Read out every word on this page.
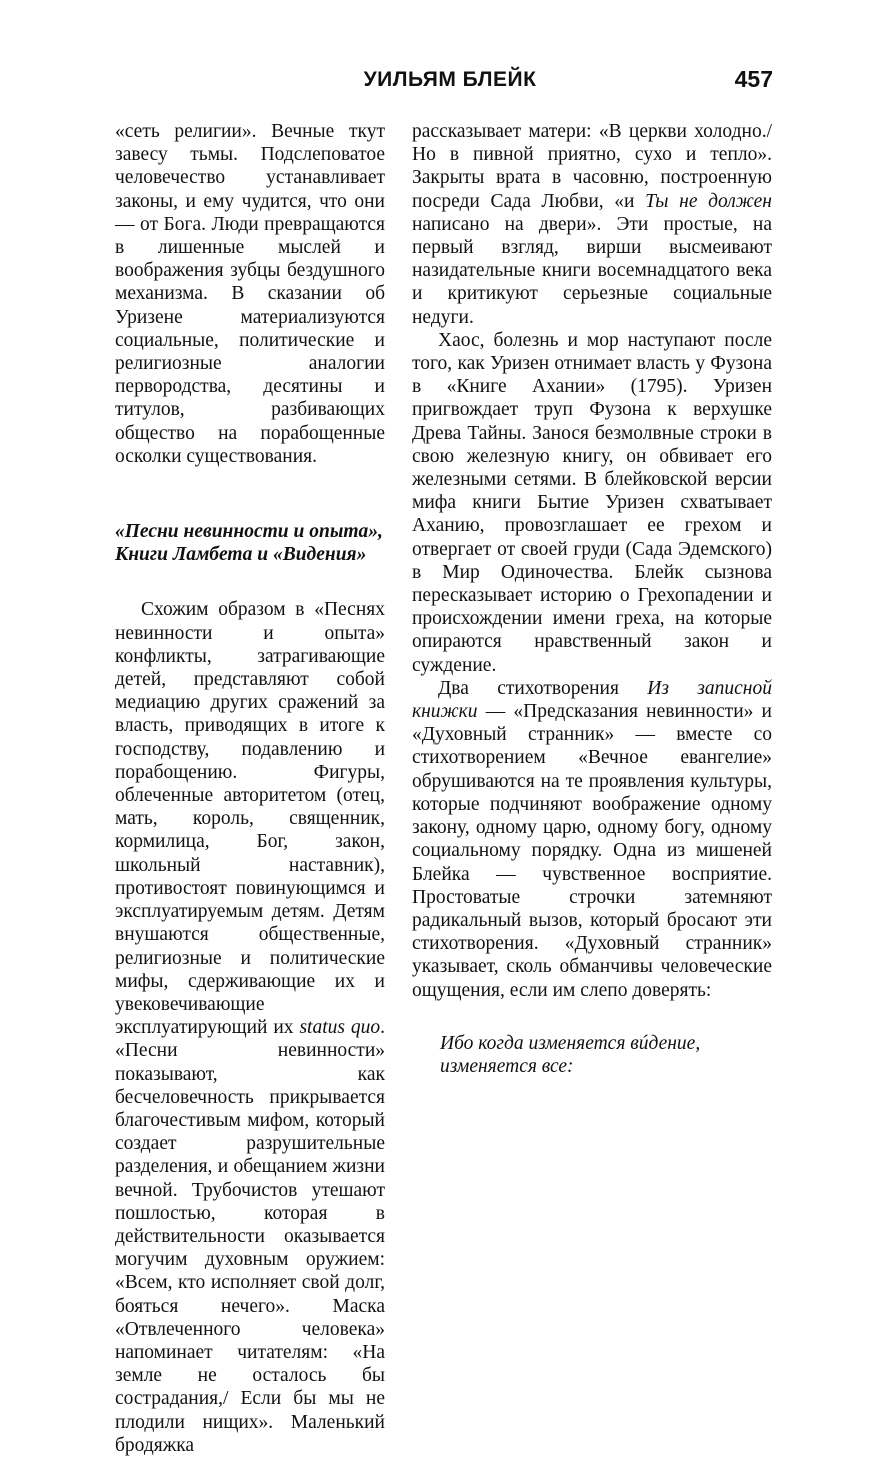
УИЛЬЯМ БЛЕЙК	457

«сеть религии». Вечные ткут завесу тьмы. Подслеповатое человечество устанавливает законы, и ему чудится, что они — от Бога. Люди превращаются в лишенные мыслей и воображения зубцы бездушного механизма. В сказании об Уризене материализуются социальные, политические и религиозные аналогии первородства, десятины и титулов, разбивающих общество на порабощенные осколки существования.

«Песни невинности и опыта»,
Книги Ламбета и «Видения»

Схожим образом в «Песнях невинности и опыта» конфликты, затрагивающие детей, представляют собой медиацию других сражений за власть, приводящих в итоге к господству, подавлению и порабощению. Фигуры, облеченные авторитетом (отец, мать, король, священник, кормилица, Бог, закон, школьный наставник), противостоят повинующимся и эксплуатируемым детям. Детям внушаются общественные, религиозные и политические мифы, сдерживающие их и увековечивающие эксплуатирующий их status quo. «Песни невинности» показывают, как бесчеловечность прикрывается благочестивым мифом, который создает разрушительные разделения, и обещанием жизни вечной. Трубочистов утешают пошлостью, которая в действительности оказывается могучим духовным оружием: «Всем, кто исполняет свой долг, бояться нечего». Маска «Отвлеченного человека» напоминает читателям: «На земле не осталось бы сострадания,/ Если бы мы не плодили нищих». Маленький бродяжка

рассказывает матери: «В церкви холодно./ Но в пивной приятно, сухо и тепло». Закрыты врата в часовню, построенную посреди Сада Любви, «и Ты не должен написано на двери». Эти простые, на первый взгляд, вирши высмеивают назидательные книги восемнадцатого века и критикуют серьезные социальные недуги.

Хаос, болезнь и мор наступают после того, как Уризен отнимает власть у Фузона в «Книге Ахании» (1795). Уризен пригвождает труп Фузона к верхушке Древа Тайны. Занося безмолвные строки в свою железную книгу, он обвивает его железными сетями. В блейковской версии мифа книги Бытие Уризен схватывает Аханию, провозглашает ее грехом и отвергает от своей груди (Сада Эдемского) в Мир Одиночества. Блейк сызнова пересказывает историю о Грехопадении и происхождении имени греха, на которые опираются нравственный закон и суждение.

Два стихотворения Из записной книжки — «Предсказания невинности» и «Духовный странник» — вместе со стихотворением «Вечное евангелие» обрушиваются на те проявления культуры, которые подчиняют воображение одному закону, одному царю, одному богу, одному социальному порядку. Одна из мишеней Блейка — чувственное восприятие. Простоватые строчки затемняют радикальный вызов, который бросают эти стихотворения. «Духовный странник» указывает, сколь обманчивы человеческие ощущения, если им слепо доверять:

Ибо когда изменяется вúдение, изменяется все:
